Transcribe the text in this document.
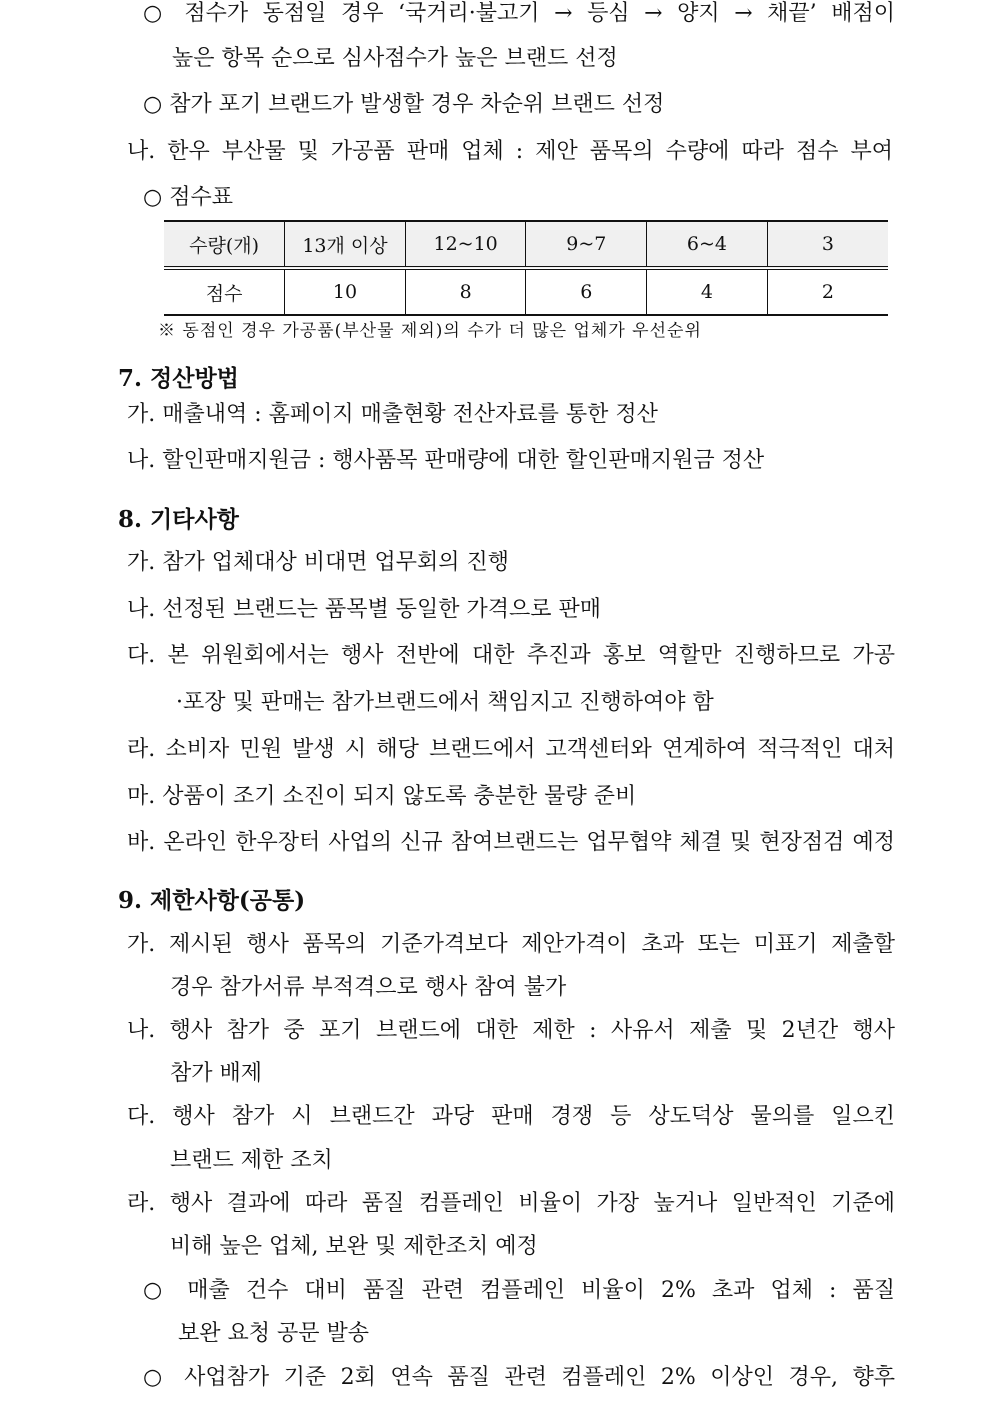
○ 점수가 동점일 경우 ‘국거리·불고기 → 등심 → 양지 → 채끝’ 배점이
높은 항목 순으로 심사점수가 높은 브랜드 선정
○ 참가 포기 브랜드가 발생할 경우 차순위 브랜드 선정
나. 한우 부산물 및 가공품 판매 업체 : 제안 품목의 수량에 따라 점수 부여
○ 점수표
수량(개)	13개 이상	12~10	9~7	6~4	3
점수	10	8	6	4	2
※ 동점인 경우 가공품(부산물 제외)의 수가 더 많은 업체가 우선순위
7. 정산방법
가. 매출내역 : 홈페이지 매출현황 전산자료를 통한 정산
나. 할인판매지원금 : 행사품목 판매량에 대한 할인판매지원금 정산
8. 기타사항
가. 참가 업체대상 비대면 업무회의 진행
나. 선정된 브랜드는 품목별 동일한 가격으로 판매
다. 본 위원회에서는 행사 전반에 대한 추진과 홍보 역할만 진행하므로 가공
·포장 및 판매는 참가브랜드에서 책임지고 진행하여야 함
라. 소비자 민원 발생 시 해당 브랜드에서 고객센터와 연계하여 적극적인 대처
마. 상품이 조기 소진이 되지 않도록 충분한 물량 준비
바. 온라인 한우장터 사업의 신규 참여브랜드는 업무협약 체결 및 현장점검 예정
9. 제한사항(공통)
가. 제시된 행사 품목의 기준가격보다 제안가격이 초과 또는 미표기 제출할
경우 참가서류 부적격으로 행사 참여 불가
나. 행사 참가 중 포기 브랜드에 대한 제한 : 사유서 제출 및 2년간 행사
참가 배제
다. 행사 참가 시 브랜드간 과당 판매 경쟁 등 상도덕상 물의를 일으킨
브랜드 제한 조치
라. 행사 결과에 따라 품질 컴플레인 비율이 가장 높거나 일반적인 기준에
비해 높은 업체, 보완 및 제한조치 예정
○ 매출 건수 대비 품질 관련 컴플레인 비율이 2% 초과 업체 : 품질
보완 요청 공문 발송
○ 사업참가 기준 2회 연속 품질 관련 컴플레인 2% 이상인 경우, 향후
